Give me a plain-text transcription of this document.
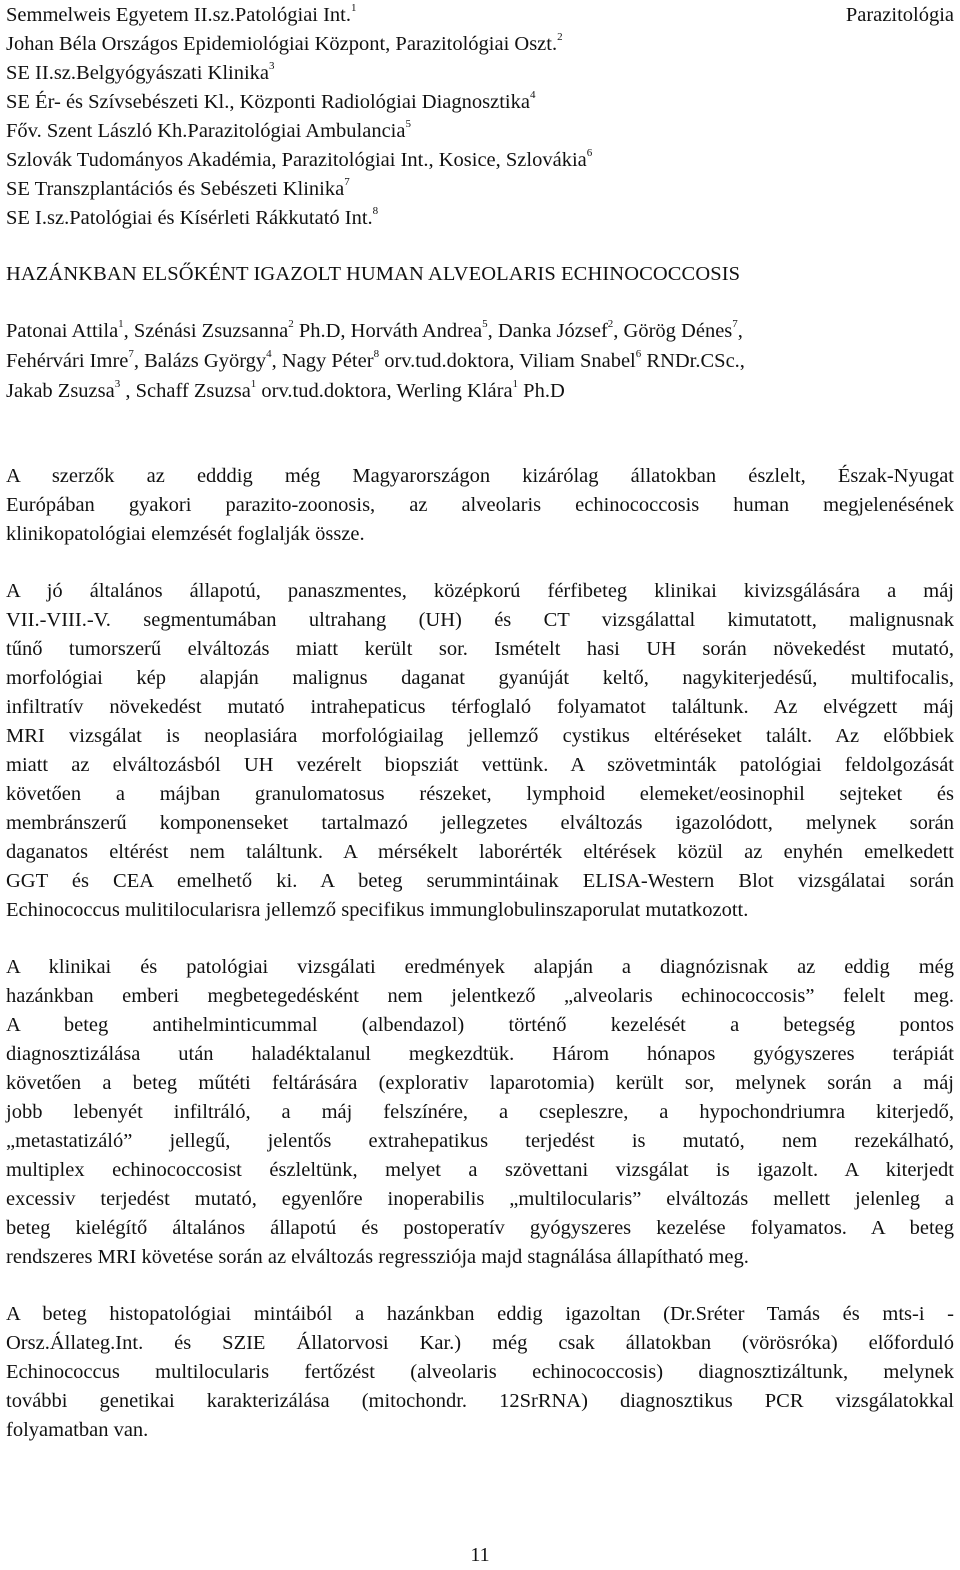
Parazitológia
Semmelweis Egyetem II.sz.Patológiai Int.$^1$
Johan Béla Országos Epidemiológiai Központ, Parazitológiai Oszt.$^2$
SE II.sz.Belgyógyászati Klinika$^3$
SE Ér- és Szívsebészeti Kl., Központi Radiológiai Diagnosztika$^4$
Főv. Szent László Kh.Parazitológiai Ambulancia$^5$
Szlovák Tudományos Akadémia, Parazitológiai Int., Kosice, Szlovákia$^6$
SE Transzplantációs és Sebészeti Klinika$^7$
SE I.sz.Patológiai és Kísérleti Rákkutató Int.$^8$
HAZÁNKBAN ELSŐKÉNT IGAZOLT HUMAN ALVEOLARIS ECHINOCOCCOSIS
Patonai Attila$^1$, Szénási Zsuzsanna$^2$ Ph.D, Horváth Andrea$^5$, Danka József$^2$, Görög Dénes$^7$,
Fehérvári Imre$^7$, Balázs György$^4$, Nagy Péter$^8$ orv.tud.doktora, Viliam Snabel$^6$ RNDr.CSc.,
Jakab Zsuzsa$^3$ , Schaff Zsuzsa$^1$ orv.tud.doktora, Werling Klára$^1$ Ph.D
A szerzők az edddig még Magyarországon kizárólag állatokban észlelt, Észak-Nyugat
Európában gyakori parazito-zoonosis, az alveolaris echinococcosis human megjelenésének
klinikopatológiai elemzését foglalják össze.
A jó általános állapotú, panaszmentes, középkorú férfibeteg klinikai kivizsgálására a máj
VII.-VIII.-V. segmentumában ultrahang (UH) és CT vizsgálattal kimutatott, malignusnak
tűnő tumorszerű elváltozás miatt került sor. Ismételt hasi UH során növekedést mutató,
morfológiai kép alapján malignus daganat gyanúját keltő, nagykiterjedésű, multifocalis,
infiltratív növekedést mutató intrahepaticus térfoglaló folyamatot találtunk. Az elvégzett máj
MRI vizsgálat is neoplasiára morfológiailag jellemző cystikus eltéréseket talált. Az előbbiek
miatt az elváltozásból UH vezérelt biopsziát vettünk. A szövetminták patológiai feldolgozását
követően a májban granulomatosus részeket, lymphoid elemeket/eosinophil sejteket és
membránszerű komponenseket tartalmazó jellegzetes elváltozás igazolódott, melynek során
daganatos eltérést nem találtunk. A mérsékelt laborérték eltérések közül az enyhén emelkedett
GGT és CEA emelhető ki. A beteg serummintáinak ELISA-Western Blot vizsgálatai során
Echinococcus mulitilocularisra jellemző specifikus immunglobulinszaporulat mutatkozott.
A klinikai és patológiai vizsgálati eredmények alapján a diagnózisnak az eddig még
hazánkban emberi megbetegedésként nem jelentkező „alveolaris echinococcosis” felelt meg.
A beteg antihelminticummal (albendazol) történő kezelését a betegség pontos
diagnosztizálása után haladéktalanul megkezdtük. Három hónapos gyógyszeres terápiát
követően a beteg műtéti feltárására (explorativ laparotomia) került sor, melynek során a máj
jobb lebenyét infiltráló, a máj felszínére, a csepleszre, a hypochondriumra kiterjedő,
„metastatizáló” jellegű, jelentős extrahepatikus terjedést is mutató, nem rezekálható,
multiplex echinococcosist észleltünk, melyet a szövettani vizsgálat is igazolt. A kiterjedt
excessiv terjedést mutató, egyenlőre inoperabilis „multilocularis” elváltozás mellett jelenleg a
beteg kielégítő általános állapotú és postoperatív gyógyszeres kezelése folyamatos. A beteg
rendszeres MRI követése során az elváltozás regressziója majd stagnálása állapítható meg.
A beteg histopatológiai mintáiból a hazánkban eddig igazoltan (Dr.Sréter Tamás és mts-i -
Orsz.Állateg.Int. és SZIE Állatorvosi Kar.) még csak állatokban (vörösróka) előforduló
Echinococcus multilocularis fertőzést (alveolaris echinococcosis) diagnosztizáltunk, melynek
további genetikai karakterizálása (mitochondr. 12SrRNA) diagnosztikus PCR vizsgálatokkal
folyamatban van.
11
